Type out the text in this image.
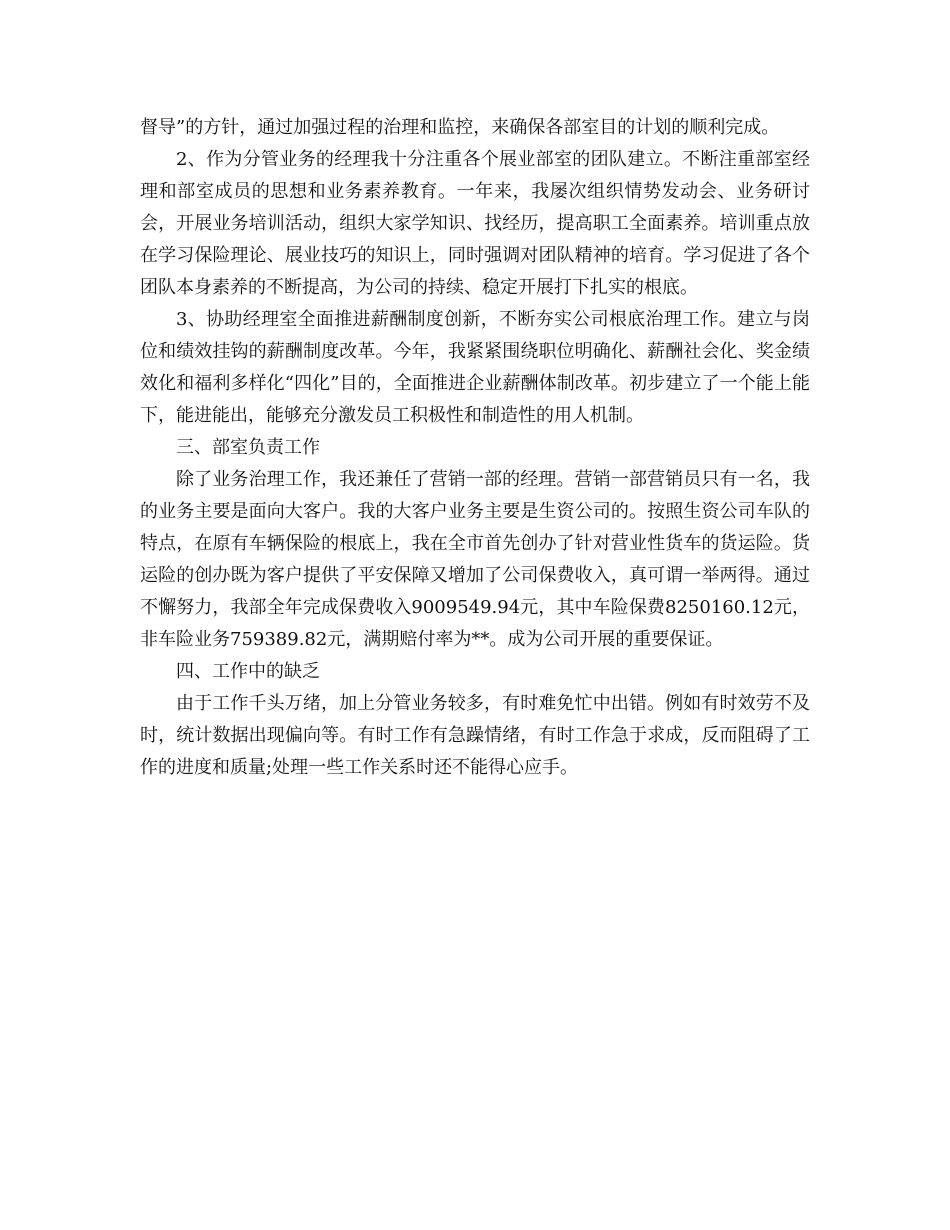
督导”的方针，通过加强过程的治理和监控，来确保各部室目的计划的顺利完成。

2、作为分管业务的经理我十分注重各个展业部室的团队建立。不断注重部室经理和部室成员的思想和业务素养教育。一年来，我屡次组织情势发动会、业务研讨会，开展业务培训活动，组织大家学知识、找经历，提高职工全面素养。培训重点放在学习保险理论、展业技巧的知识上，同时强调对团队精神的培育。学习促进了各个团队本身素养的不断提高，为公司的持续、稳定开展打下扎实的根底。

3、协助经理室全面推进薪酬制度创新，不断夯实公司根底治理工作。建立与岗位和绩效挂钩的薪酬制度改革。今年，我紧紧围绕职位明确化、薪酬社会化、奖金绩效化和福利多样化“四化”目的，全面推进企业薪酬体制改革。初步建立了一个能上能下，能进能出，能够充分激发员工积极性和制造性的用人机制。

三、部室负责工作

除了业务治理工作，我还兼任了营销一部的经理。营销一部营销员只有一名，我的业务主要是面向大客户。我的大客户业务主要是生资公司的。按照生资公司车队的特点，在原有车辆保险的根底上，我在全市首先创办了针对营业性货车的货运险。货运险的创办既为客户提供了平安保障又增加了公司保费收入，真可谓一举两得。通过不懈努力，我部全年完成保费收入9009549.94元，其中车险保费8250160.12元，非车险业务759389.82元，满期赔付率为**。成为公司开展的重要保证。

四、工作中的缺乏

由于工作千头万绪，加上分管业务较多，有时难免忙中出错。例如有时效劳不及时，统计数据出现偏向等。有时工作有急躁情绪，有时工作急于求成，反而阻碍了工作的进度和质量;处理一些工作关系时还不能得心应手。
